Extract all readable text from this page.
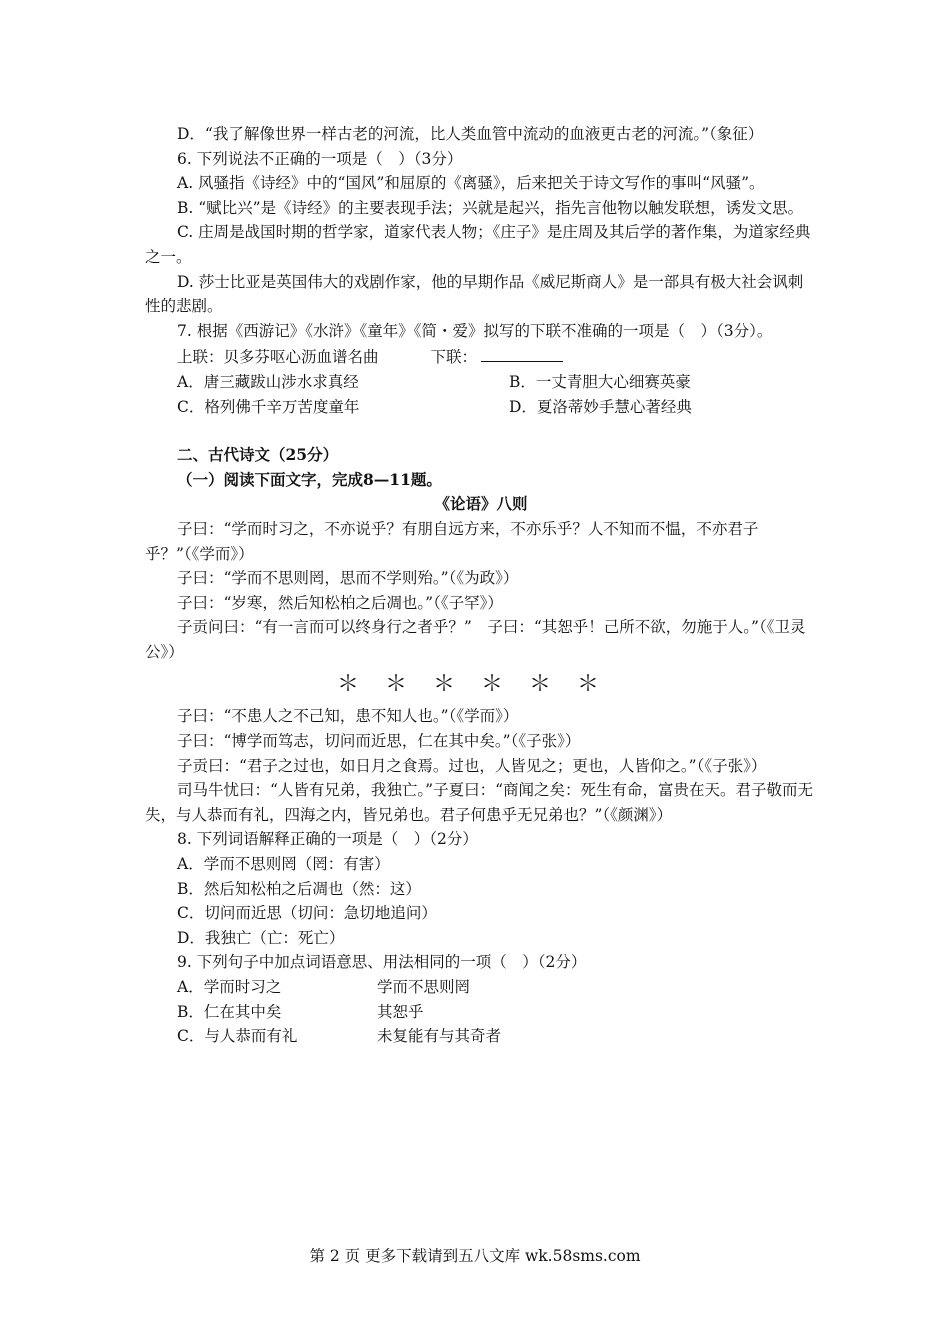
D．“我了解像世界一样古老的河流，比人类血管中流动的血液更古老的河流。”（象征）

6. 下列说法不正确的一项是（　）（3分）

A. 风骚指《诗经》中的“国风”和屈原的《离骚》，后来把关于诗文写作的事叫“风骚”。

B. “赋比兴”是《诗经》的主要表现手法；兴就是起兴，指先言他物以触发联想，诱发文思。

C. 庄周是战国时期的哲学家，道家代表人物；《庄子》是庄周及其后学的著作集，为道家经典之一。

D. 莎士比亚是英国伟大的戏剧作家，他的早期作品《威尼斯商人》是一部具有极大社会讽刺性的悲剧。

7. 根据《西游记》《水浒》《童年》《简・爱》拟写的下联不准确的一项是（　）（3分）。

上联：贝多芬呕心沥血谱名曲	下联：

A．唐三藏跋山涉水求真经	B．一丈青胆大心细赛英豪
C．格列佛千辛万苦度童年	D．夏洛蒂妙手慧心著经典

二、古代诗文（25分）

（一）阅读下面文字，完成8—11题。

《论语》八则

子曰：“学而时习之，不亦说乎？有朋自远方来，不亦乐乎？人不知而不愠，不亦君子乎？”（《学而》）

子曰：“学而不思则罔，思而不学则殆。”（《为政》）

子曰：“岁寒，然后知松柏之后凋也。”（《子罕》）

子贡问曰：“有一言而可以终身行之者乎？”　子曰：“其恕乎！己所不欲，勿施于人。”（《卫灵公》）

＊＊＊＊＊＊

子曰：“不患人之不己知，患不知人也。”（《学而》）

子曰：“博学而笃志，切问而近思，仁在其中矣。”（《子张》）

子贡曰：“君子之过也，如日月之食焉。过也，人皆见之；更也，人皆仰之。”（《子张》）

司马牛忧曰：“人皆有兄弟，我独亡。”子夏曰：“商闻之矣：死生有命，富贵在天。君子敬而无失，与人恭而有礼，四海之内，皆兄弟也。君子何患乎无兄弟也？”（《颜渊》）

8. 下列词语解释正确的一项是（　）（2分）

A．学而不思则罔（罔：有害）

B．然后知松柏之后凋也（然：这）

C．切问而近思（切问：急切地追问）

D．我独亡（亡：死亡）

9. 下列句子中加点词语意思、用法相同的一项（　）（2分）

A．学而时习之	学而不思则罔
B．仁在其中矣	其恕乎
C．与人恭而有礼	未复能有与其奇者
第 2 页 更多下载请到五八文库 wk.58sms.com
